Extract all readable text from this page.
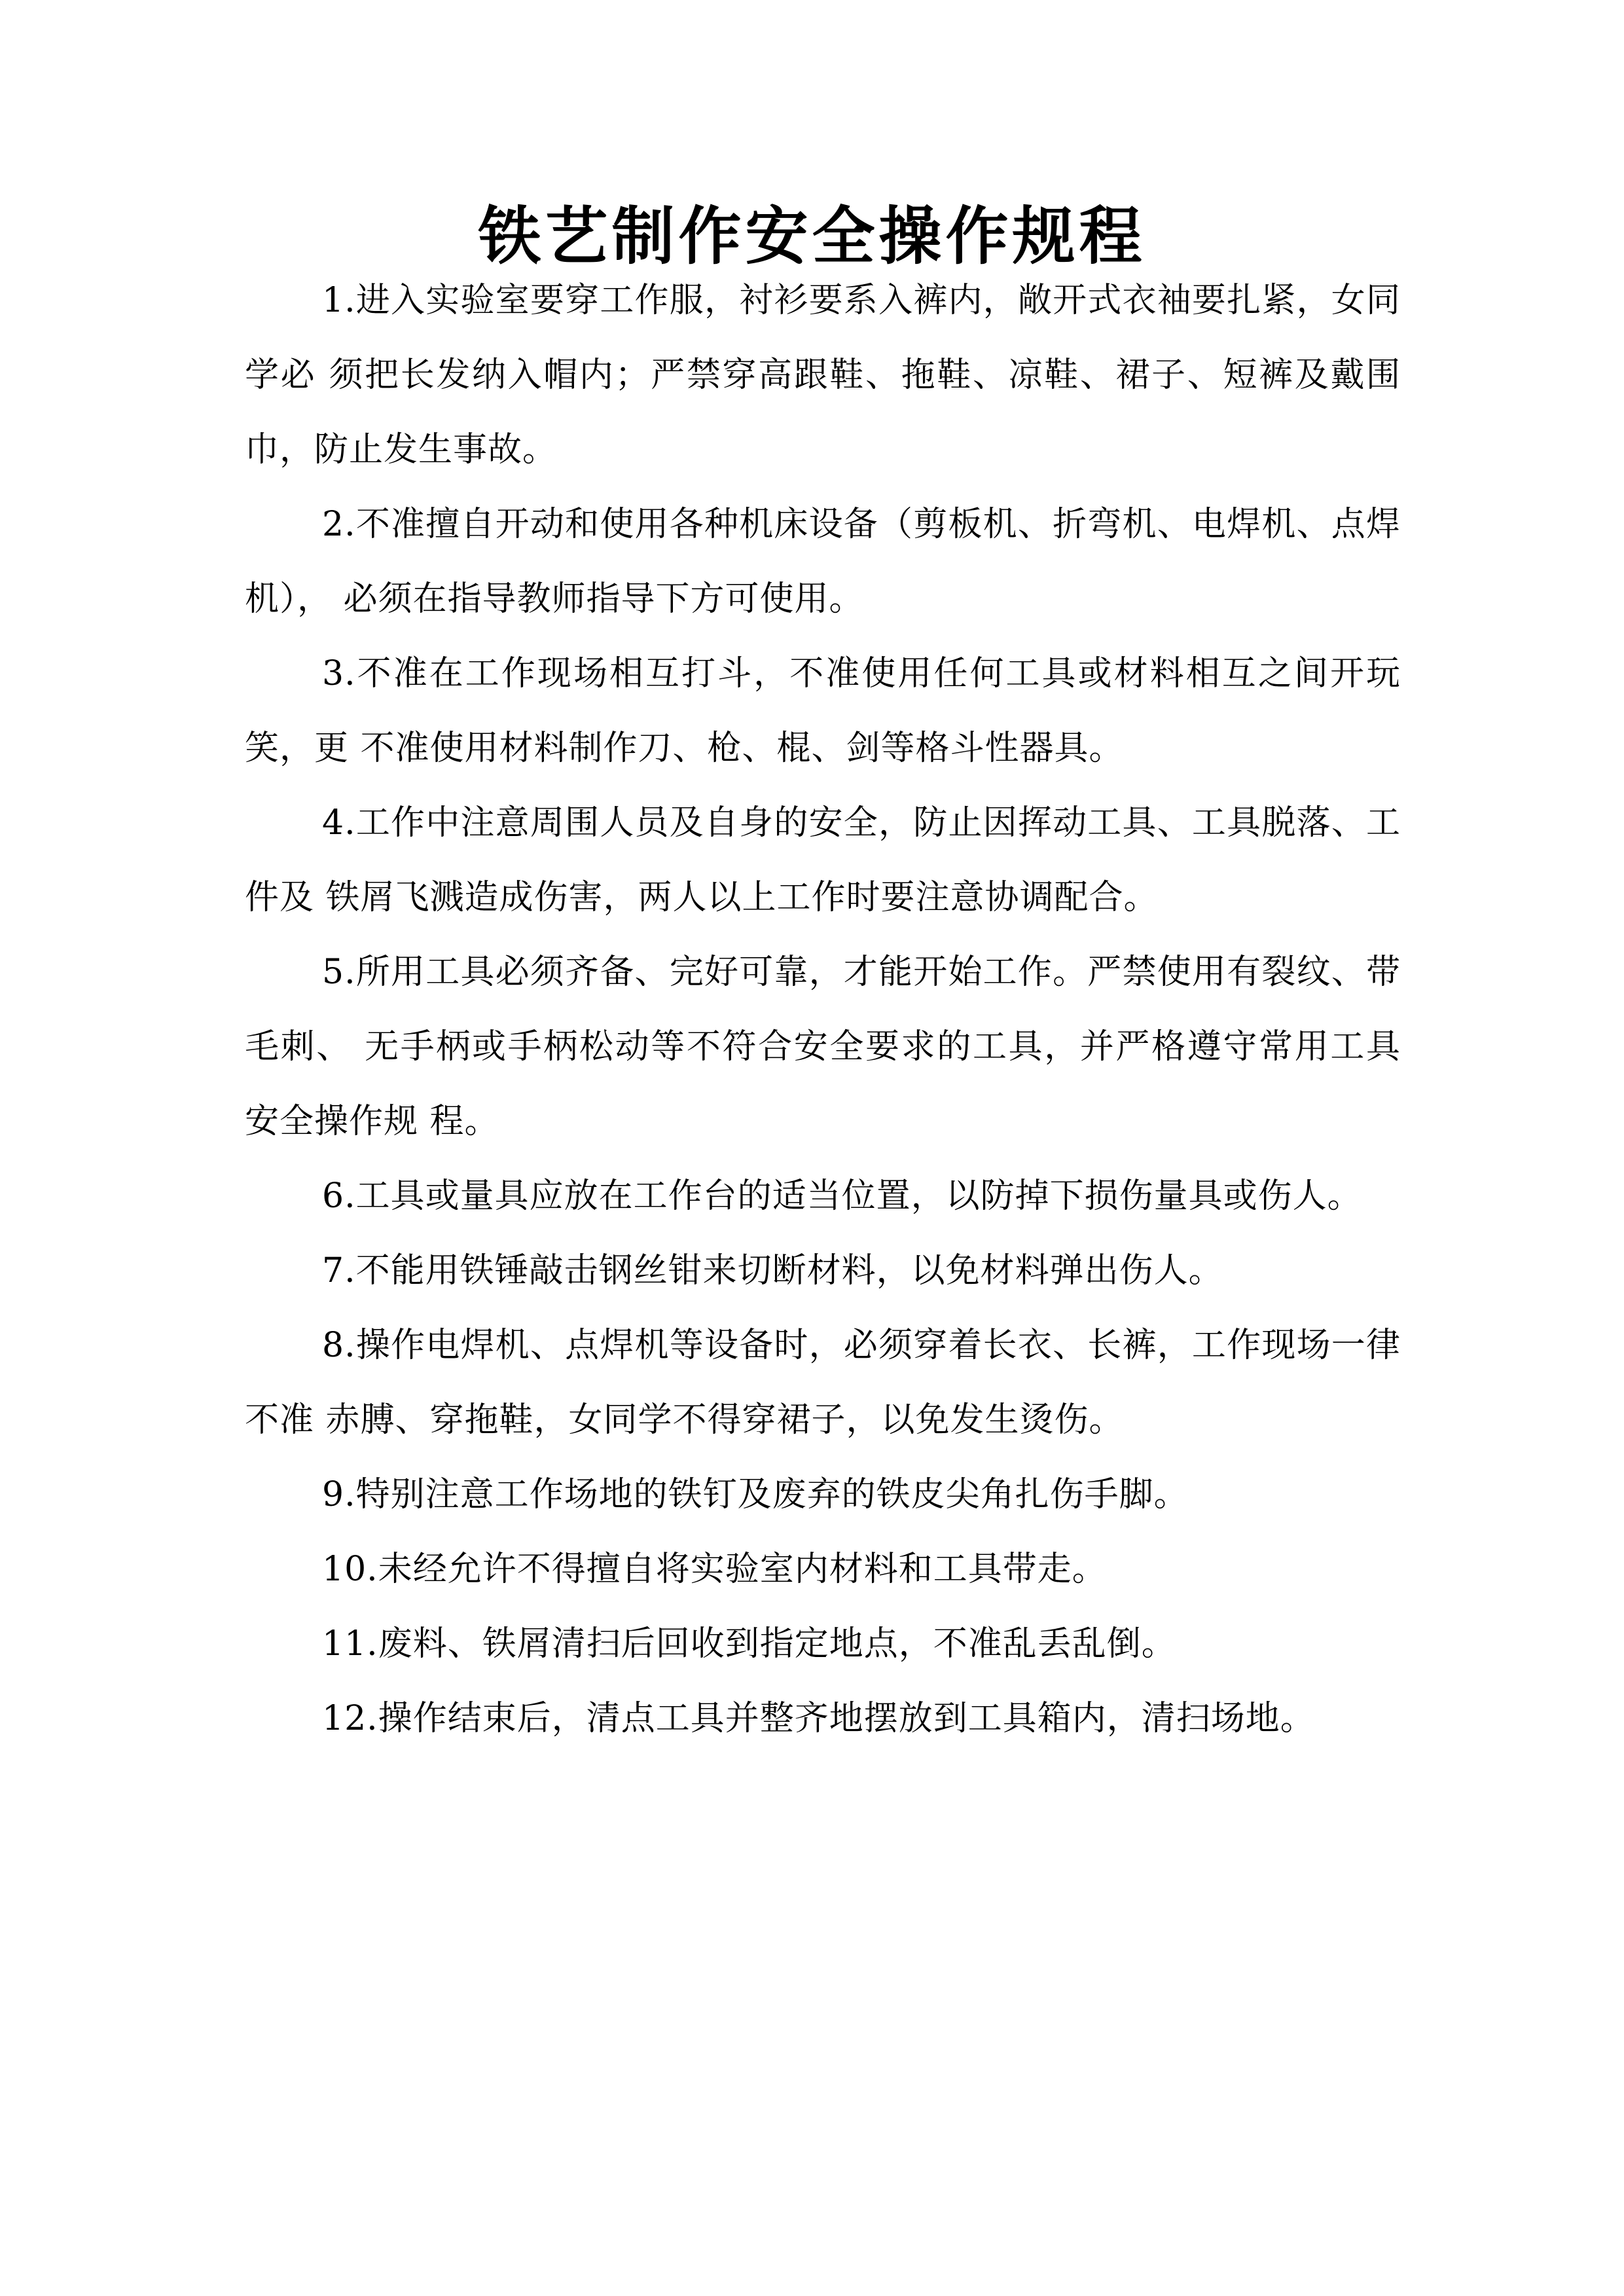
铁艺制作安全操作规程
1.进入实验室要穿工作服，衬衫要系入裤内，敞开式衣袖要扎紧，女同学必 须把长发纳入帽内；严禁穿高跟鞋、拖鞋、凉鞋、裙子、短裤及戴围巾，防止发生事故。
2.不准擅自开动和使用各种机床设备（剪板机、折弯机、电焊机、点焊机）， 必须在指导教师指导下方可使用。
3.不准在工作现场相互打斗，不准使用任何工具或材料相互之间开玩笑，更 不准使用材料制作刀、枪、棍、剑等格斗性器具。
4.工作中注意周围人员及自身的安全，防止因挥动工具、工具脱落、工件及 铁屑飞溅造成伤害，两人以上工作时要注意协调配合。
5.所用工具必须齐备、完好可靠，才能开始工作。严禁使用有裂纹、带毛刺、 无手柄或手柄松动等不符合安全要求的工具，并严格遵守常用工具安全操作规 程。
6.工具或量具应放在工作台的适当位置，以防掉下损伤量具或伤人。
7.不能用铁锤敲击钢丝钳来切断材料，以免材料弹出伤人。
8.操作电焊机、点焊机等设备时，必须穿着长衣、长裤，工作现场一律不准 赤膊、穿拖鞋，女同学不得穿裙子，以免发生烫伤。
9.特别注意工作场地的铁钉及废弃的铁皮尖角扎伤手脚。
10.未经允许不得擅自将实验室内材料和工具带走。
11.废料、铁屑清扫后回收到指定地点，不准乱丢乱倒。
12.操作结束后，清点工具并整齐地摆放到工具箱内，清扫场地。
